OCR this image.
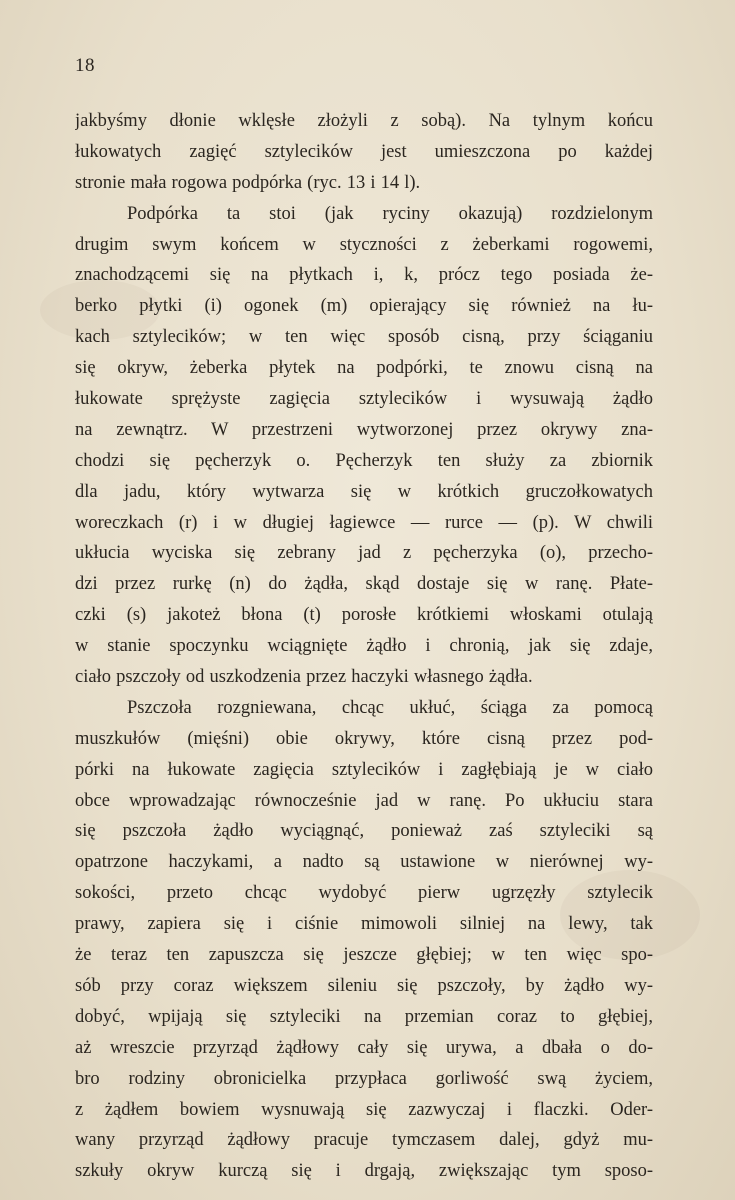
18
jakbyśmy dłonie wklęsłe złożyli z sobą). Na tylnym końcu
łukowatych zagięć sztylecików jest umieszczona po każdej
stronie mała rogowa podpórka (ryc. 13 i 14 l).
Podpórka ta stoi (jak ryciny okazują) rozdzielonym
drugim swym końcem w styczności z żeberkami rogowemi,
znachodzącemi się na płytkach i, k, prócz tego posiada że-
berko płytki (i) ogonek (m) opierający się również na łu-
kach sztylecików; w ten więc sposób cisną, przy ściąganiu
się okryw, żeberka płytek na podpórki, te znowu cisną na
łukowate sprężyste zagięcia sztylecików i wysuwają żądło
na zewnątrz. W przestrzeni wytworzonej przez okrywy zna-
chodzi się pęcherzyk o. Pęcherzyk ten służy za zbiornik
dla jadu, który wytwarza się w krótkich gruczołkowatych
woreczkach (r) i w długiej łagiewce — rurce — (p). W chwili
ukłucia wyciska się zebrany jad z pęcherzyka (o), przecho-
dzi przez rurkę (n) do żądła, skąd dostaje się w ranę. Płate-
czki (s) jakoteż błona (t) porosłe krótkiemi włoskami otulają
w stanie spoczynku wciągnięte żądło i chronią, jak się zdaje,
ciało pszczoły od uszkodzenia przez haczyki własnego żądła.
Pszczoła rozgniewana, chcąc ukłuć, ściąga za pomocą
muszkułów (mięśni) obie okrywy, które cisną przez pod-
pórki na łukowate zagięcia sztylecików i zagłębiają je w ciało
obce wprowadzając równocześnie jad w ranę. Po ukłuciu stara
się pszczoła żądło wyciągnąć, ponieważ zaś sztyleciki są
opatrzone haczykami, a nadto są ustawione w nierównej wy-
sokości, przeto chcąc wydobyć pierw ugrzęzły sztylecik
prawy, zapiera się i ciśnie mimowoli silniej na lewy, tak
że teraz ten zapuszcza się jeszcze głębiej; w ten więc spo-
sób przy coraz większem sileniu się pszczoły, by żądło wy-
dobyć, wpijają się sztyleciki na przemian coraz to głębiej,
aż wreszcie przyrząd żądłowy cały się urywa, a dbała o do-
bro rodziny obronicielka przypłaca gorliwość swą życiem,
z żądłem bowiem wysnuwają się zazwyczaj i flaczki. Oder-
wany przyrząd żądłowy pracuje tymczasem dalej, gdyż mu-
szkuły okryw kurczą się i drgają, zwiększając tym sposo-
